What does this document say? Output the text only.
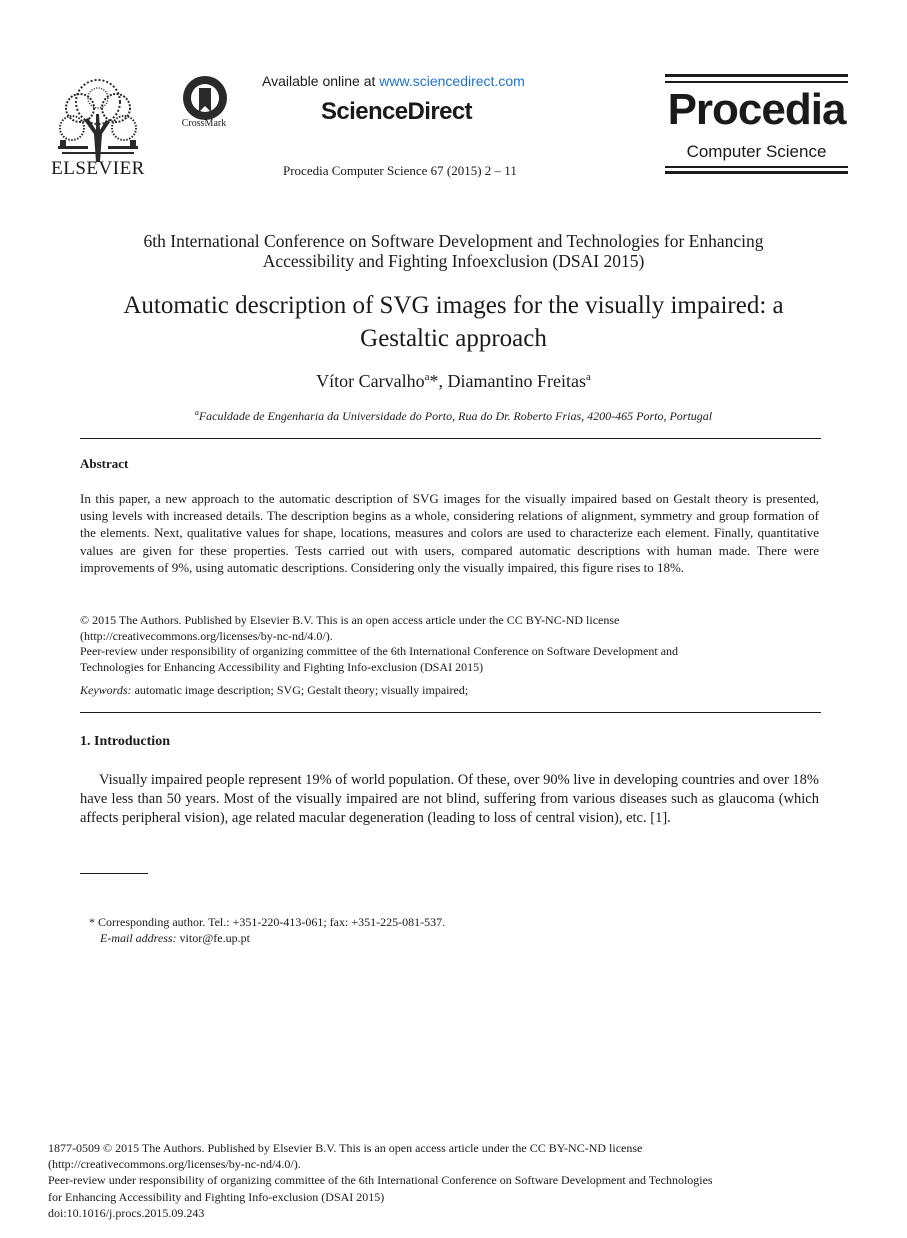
ELSEVIER
CrossMark
Available online at www.sciencedirect.com
ScienceDirect
Procedia Computer Science 67 (2015) 2 – 11
Procedia
Computer Science
6th International Conference on Software Development and Technologies for Enhancing
Accessibility and Fighting Infoexclusion (DSAI 2015)
Automatic description of SVG images for the visually impaired: a
Gestaltic approach
Vítor Carvalho$^a$*, Diamantino Freitas$^a$
$^a$Faculdade de Engenharia da Universidade do Porto, Rua do Dr. Roberto Frias, 4200-465 Porto, Portugal
Abstract
In this paper, a new approach to the automatic description of SVG images for the visually impaired based on Gestalt theory is presented, using levels with increased details. The description begins as a whole, considering relations of alignment, symmetry and group formation of the elements. Next, qualitative values for shape, locations, measures and colors are used to characterize each element. Finally, quantitative values are given for these properties. Tests carried out with users, compared automatic descriptions with human made. There were improvements of 9%, using automatic descriptions. Considering only the visually impaired, this figure rises to 18%.
© 2015 The Authors. Published by Elsevier B.V. This is an open access article under the CC BY-NC-ND license
(http://creativecommons.org/licenses/by-nc-nd/4.0/).
Peer-review under responsibility of organizing committee of the 6th International Conference on Software Development and
Technologies for Enhancing Accessibility and Fighting Info-exclusion (DSAI 2015)
Keywords: automatic image description; SVG; Gestalt theory; visually impaired;
1. Introduction
Visually impaired people represent 19% of world population. Of these, over 90% live in developing countries and over 18% have less than 50 years. Most of the visually impaired are not blind, suffering from various diseases such as glaucoma (which affects peripheral vision), age related macular degeneration (leading to loss of central vision), etc. [1].
* Corresponding author. Tel.: +351-220-413-061; fax: +351-225-081-537.
E-mail address: vitor@fe.up.pt
1877-0509 © 2015 The Authors. Published by Elsevier B.V. This is an open access article under the CC BY-NC-ND license
(http://creativecommons.org/licenses/by-nc-nd/4.0/).
Peer-review under responsibility of organizing committee of the 6th International Conference on Software Development and Technologies
for Enhancing Accessibility and Fighting Info-exclusion (DSAI 2015)
doi:10.1016/j.procs.2015.09.243
